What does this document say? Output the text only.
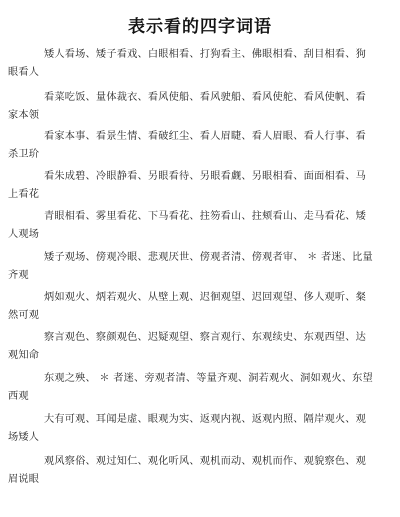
表示看的四字词语
矮人看场、矮子看戏、白眼相看、打狗看主、佛眼相看、刮目相看、狗眼看人
看菜吃饭、量体裁衣、看风使船、看风驶船、看风使舵、看风使帆、看家本领
看家本事、看景生情、看破红尘、看人眉睫、看人眉眼、看人行事、看杀卫玠
看朱成碧、冷眼静看、另眼看待、另眼看觑、另眼相看、面面相看、马上看花
青眼相看、雾里看花、下马看花、拄笏看山、拄颊看山、走马看花、矮人观场
矮子观场、傍观冷眼、悲观厌世、傍观者清、傍观者审、 ＊ 者迷、比量齐观
炳如观火、炳若观火、从壁上观、迟徊观望、迟回观望、侈人观听、粲然可观
察言观色、察颜观色、迟疑观望、察言观行、东观续史、东观西望、达观知命
东观之殃、 ＊ 者迷、旁观者清、等量齐观、洞若观火、洞如观火、东望西观
大有可观、耳闻是虚、眼观为实、返观内视、返观内照、隔岸观火、观场矮人
观风察俗、观过知仁、观化听风、观机而动、观机而作、观貌察色、观眉说眼
